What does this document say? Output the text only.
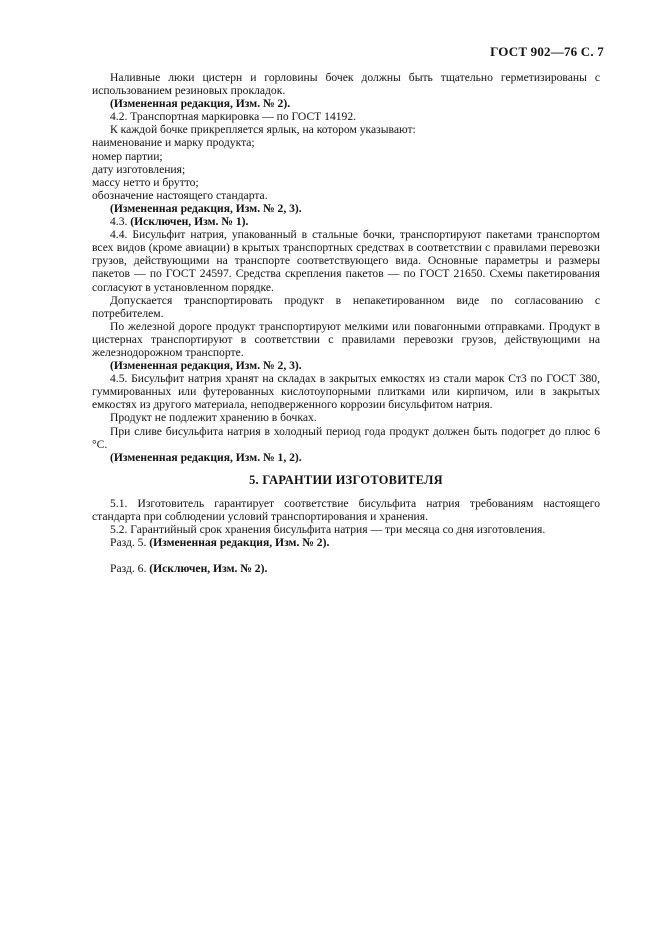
ГОСТ 902—76 С. 7

Наливные люки цистерн и горловины бочек должны быть тщательно герметизированы с использованием резиновых прокладок.

(Измененная редакция, Изм. № 2).

4.2. Транспортная маркировка — по ГОСТ 14192.

К каждой бочке прикрепляется ярлык, на котором указывают:

наименование и марку продукта;

номер партии;

дату изготовления;

массу нетто и брутто;

обозначение настоящего стандарта.

(Измененная редакция, Изм. № 2, 3).

4.3. (Исключен, Изм. № 1).

4.4. Бисульфит натрия, упакованный в стальные бочки, транспортируют пакетами транспортом всех видов (кроме авиации) в крытых транспортных средствах в соответствии с правилами перевозки грузов, действующими на транспорте соответствующего вида. Основные параметры и размеры пакетов — по ГОСТ 24597. Средства скрепления пакетов — по ГОСТ 21650. Схемы пакетирования согласуют в установленном порядке.

Допускается транспортировать продукт в непакетированном виде по согласованию с потребителем.

По железной дороге продукт транспортируют мелкими или повагонными отправками. Продукт в цистернах транспортируют в соответствии с правилами перевозки грузов, действующими на железнодорожном транспорте.

(Измененная редакция, Изм. № 2, 3).

4.5. Бисульфит натрия хранят на складах в закрытых емкостях из стали марок Ст3 по ГОСТ 380, гуммированных или футерованных кислотоупорными плитками или кирпичом, или в закрытых емкостях из другого материала, неподверженного коррозии бисульфитом натрия.

Продукт не подлежит хранению в бочках.

При сливе бисульфита натрия в холодный период года продукт должен быть подогрет до плюс 6 °С.

(Измененная редакция, Изм. № 1, 2).

5. ГАРАНТИИ ИЗГОТОВИТЕЛЯ

5.1. Изготовитель гарантирует соответствие бисульфита натрия требованиям настоящего стандарта при соблюдении условий транспортирования и хранения.

5.2. Гарантийный срок хранения бисульфита натрия — три месяца со дня изготовления.

Разд. 5. (Измененная редакция, Изм. № 2).

Разд. 6. (Исключен, Изм. № 2).
